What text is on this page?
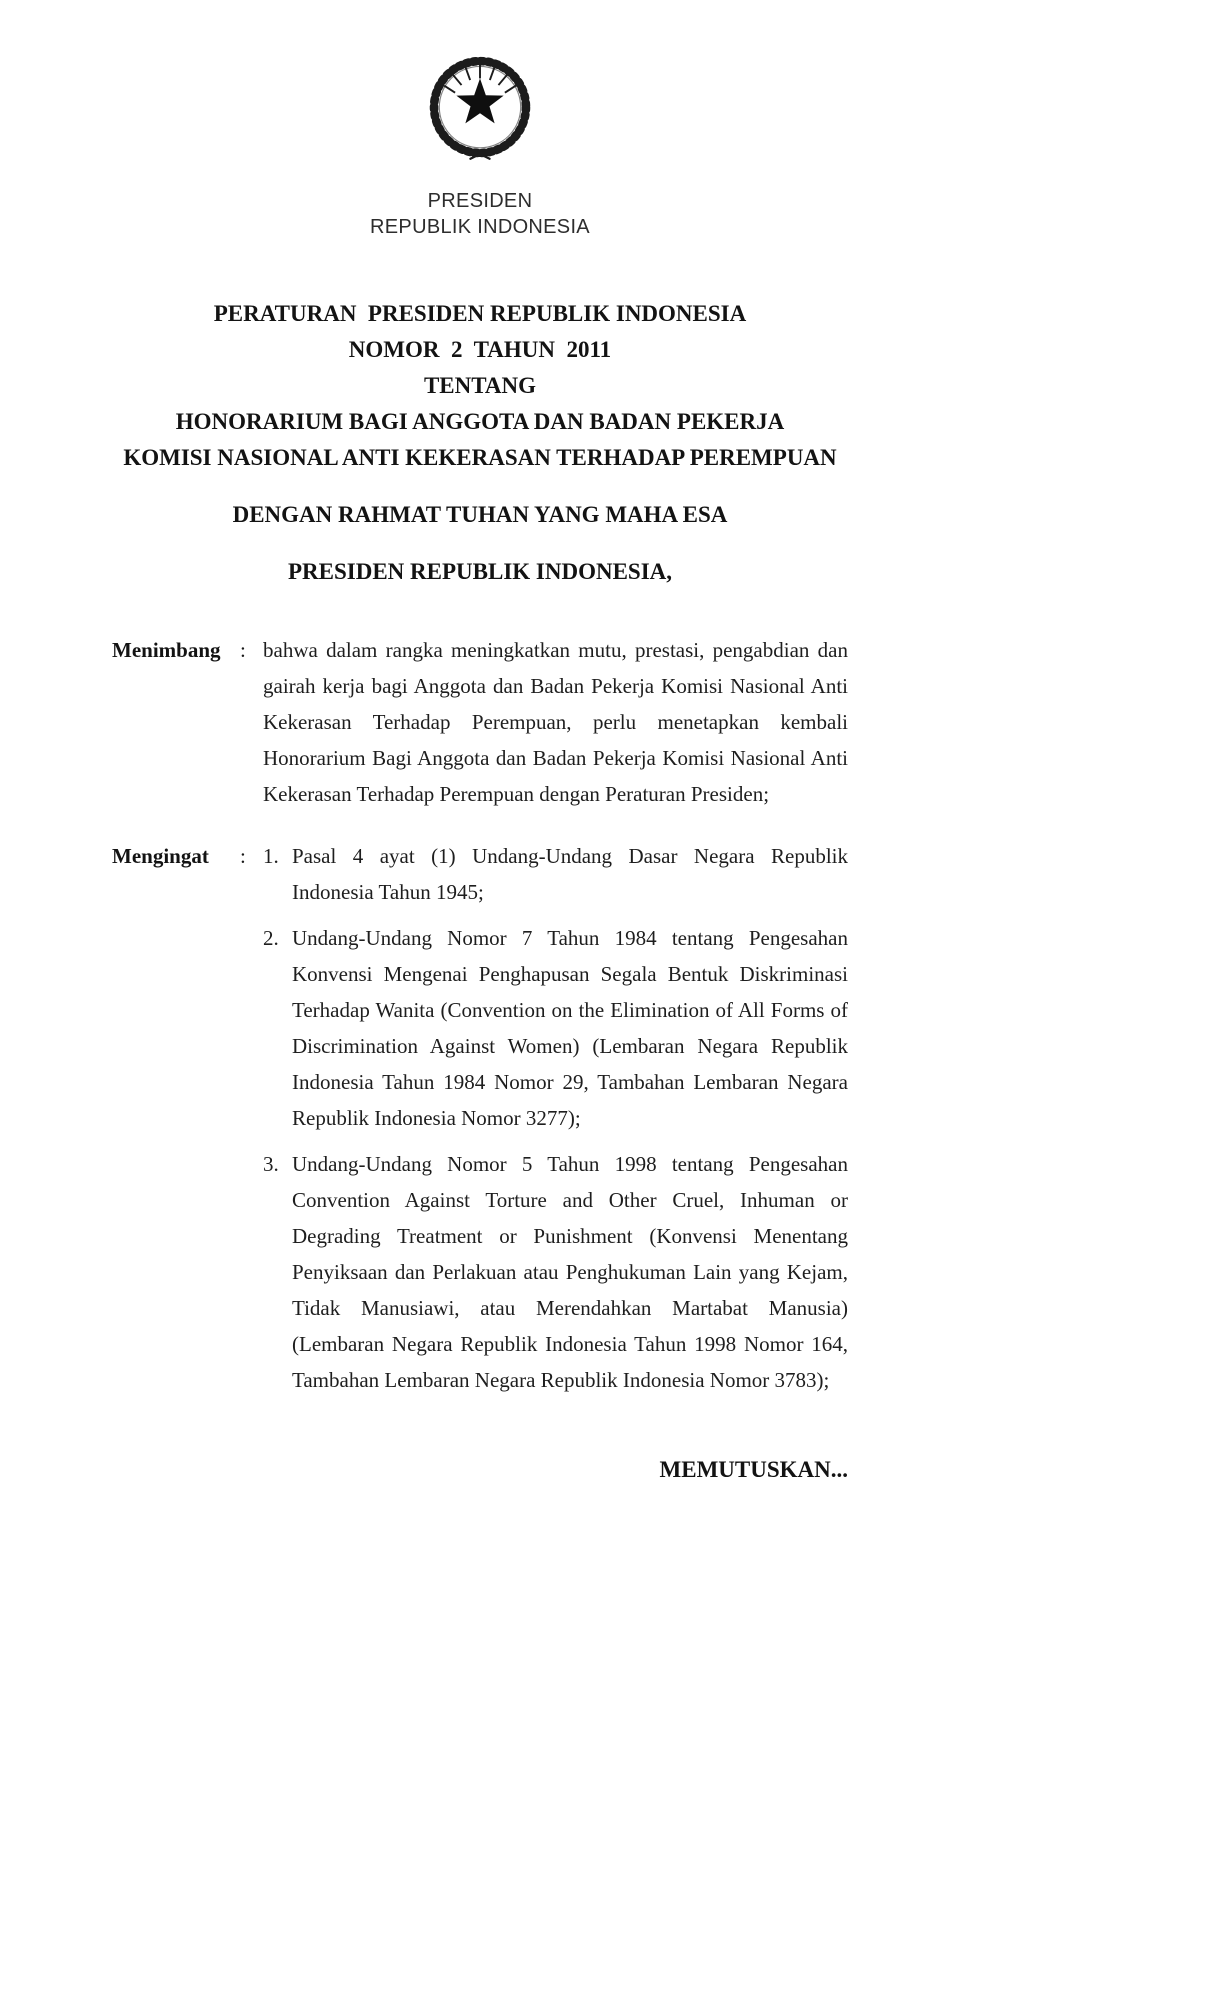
PRESIDEN
REPUBLIK INDONESIA
PERATURAN  PRESIDEN REPUBLIK INDONESIA
NOMOR  2  TAHUN  2011
TENTANG
HONORARIUM BAGI ANGGOTA DAN BADAN PEKERJA
KOMISI NASIONAL ANTI KEKERASAN TERHADAP PEREMPUAN
DENGAN RAHMAT TUHAN YANG MAHA ESA
PRESIDEN REPUBLIK INDONESIA,
Menimbang : bahwa dalam rangka meningkatkan mutu, prestasi, pengabdian dan gairah kerja bagi Anggota dan Badan Pekerja Komisi Nasional Anti Kekerasan Terhadap Perempuan, perlu menetapkan kembali Honorarium Bagi Anggota dan Badan Pekerja Komisi Nasional Anti Kekerasan Terhadap Perempuan dengan Peraturan Presiden;
Mengingat	: 1. Pasal 4 ayat (1) Undang-Undang Dasar Negara Republik Indonesia Tahun 1945;
2. Undang-Undang Nomor 7 Tahun 1984 tentang Pengesahan Konvensi Mengenai Penghapusan Segala Bentuk Diskriminasi Terhadap Wanita (Convention on the Elimination of All Forms of Discrimination Against Women) (Lembaran Negara Republik Indonesia Tahun 1984 Nomor 29, Tambahan Lembaran Negara Republik Indonesia Nomor 3277);
3. Undang-Undang Nomor 5 Tahun 1998 tentang Pengesahan Convention Against Torture and Other Cruel, Inhuman or Degrading Treatment or Punishment (Konvensi Menentang Penyiksaan dan Perlakuan atau Penghukuman Lain yang Kejam, Tidak Manusiawi, atau Merendahkan Martabat Manusia) (Lembaran Negara Republik Indonesia Tahun 1998 Nomor 164, Tambahan Lembaran Negara Republik Indonesia Nomor 3783);
MEMUTUSKAN...
